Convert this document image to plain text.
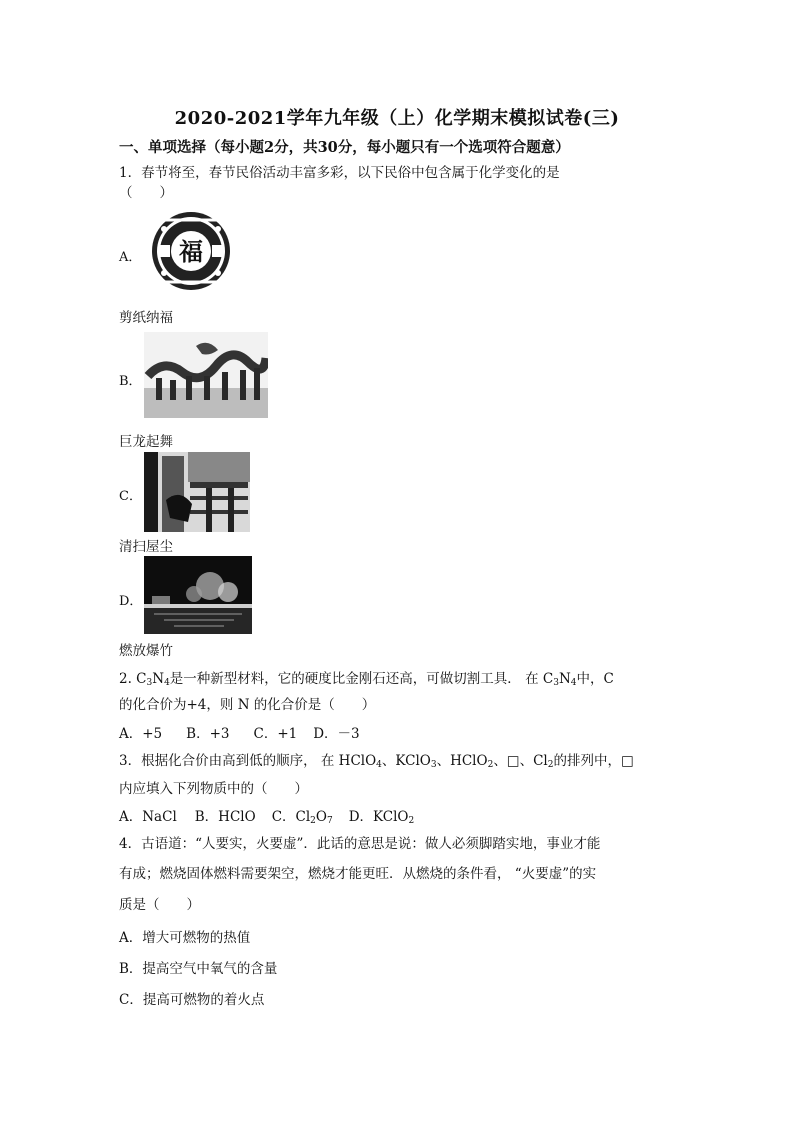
2020-2021学年九年级（上）化学期末模拟试卷(三)
一、单项选择（每小题2分，共30分，每小题只有一个选项符合题意）
1．春节将至，春节民俗活动丰富多彩，以下民俗中包含属于化学变化的是
（　　）
A． 福
剪纸纳福
B．
巨龙起舞
C．
清扫屋尘
D．
燃放爆竹
2. $C_3N_4$是一种新型材料，它的硬度比金刚石还高，可做切割工具． 在 $C_3N_4$中，C
的化合价为+4，则 N 的化合价是（　　）
A．+5 B．+3 C．+1 D．－3
3．根据化合价由高到低的顺序， 在 HClO$_4$、KClO$_3$、HClO$_2$、□、$Cl_2$的排列中，□
内应填入下列物质中的（　　）
A．NaCl B．HClO C．$Cl_2O_7$ D．KClO$_2$
4．古语道：“人要实，火要虚”．此话的意思是说：做人必须脚踏实地，事业才能
有成；燃烧固体燃料需要架空，燃烧才能更旺．从燃烧的条件看， “火要虚”的实
质是（　　）
A．增大可燃物的热值
B．提高空气中氧气的含量
C．提高可燃物的着火点
